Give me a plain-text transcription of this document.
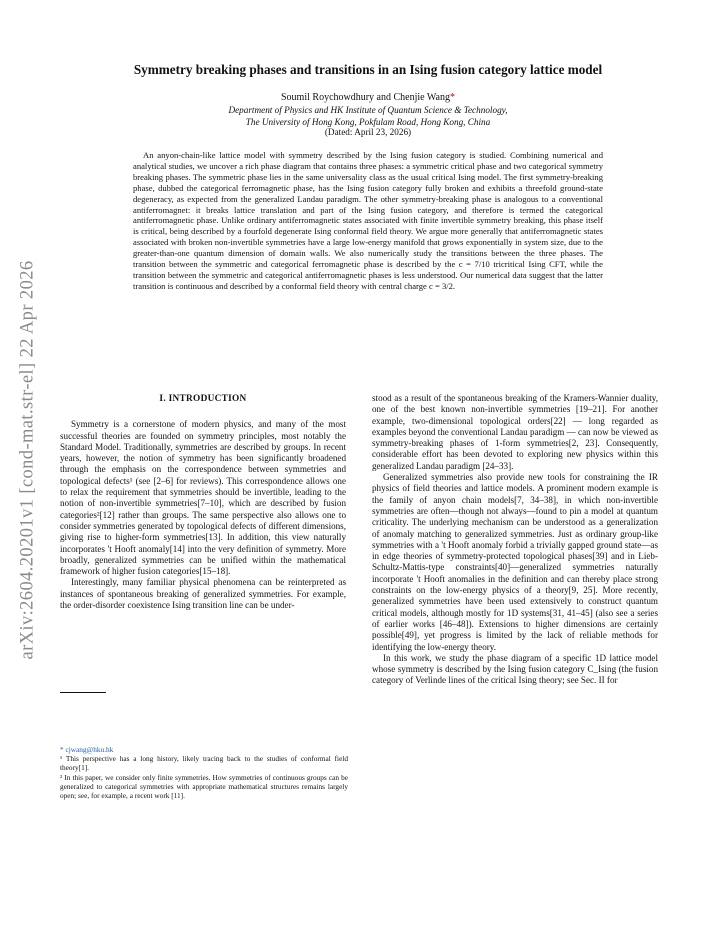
arXiv:2604.20201v1 [cond-mat.str-el] 22 Apr 2026
Symmetry breaking phases and transitions in an Ising fusion category lattice model
Soumil Roychowdhury and Chenjie Wang*
Department of Physics and HK Institute of Quantum Science & Technology,
The University of Hong Kong, Pokfulam Road, Hong Kong, China
(Dated: April 23, 2026)
An anyon-chain-like lattice model with symmetry described by the Ising fusion category is studied. Combining numerical and analytical studies, we uncover a rich phase diagram that contains three phases: a symmetric critical phase and two categorical symmetry breaking phases. The symmetric phase lies in the same universality class as the usual critical Ising model. The first symmetry-breaking phase, dubbed the categorical ferromagnetic phase, has the Ising fusion category fully broken and exhibits a threefold ground-state degeneracy, as expected from the generalized Landau paradigm. The other symmetry-breaking phase is analogous to a conventional antiferromagnet: it breaks lattice translation and part of the Ising fusion category, and therefore is termed the categorical antiferromagnetic phase. Unlike ordinary antiferromagnetic states associated with finite invertible symmetry breaking, this phase itself is critical, being described by a fourfold degenerate Ising conformal field theory. We argue more generally that antiferromagnetic states associated with broken non-invertible symmetries have a large low-energy manifold that grows exponentially in system size, due to the greater-than-one quantum dimension of domain walls. We also numerically study the transitions between the three phases. The transition between the symmetric and categorical ferromagnetic phase is described by the c = 7/10 tricritical Ising CFT, while the transition between the symmetric and categorical antiferromagnetic phases is less understood. Our numerical data suggest that the latter transition is continuous and described by a conformal field theory with central charge c = 3/2.
I. INTRODUCTION

Symmetry is a cornerstone of modern physics, and many of the most successful theories are founded on symmetry principles, most notably the Standard Model. Traditionally, symmetries are described by groups. In recent years, however, the notion of symmetry has been significantly broadened through the emphasis on the correspondence between symmetries and topological defects¹ (see [2–6] for reviews). This correspondence allows one to relax the requirement that symmetries should be invertible, leading to the notion of non-invertible symmetries[7–10], which are described by fusion categories²[12] rather than groups. The same perspective also allows one to consider symmetries generated by topological defects of different dimensions, giving rise to higher-form symmetries[13]. In addition, this view naturally incorporates 't Hooft anomaly[14] into the very definition of symmetry. More broadly, generalized symmetries can be unified within the mathematical framework of higher fusion categories[15–18].

Interestingly, many familiar physical phenomena can be reinterpreted as instances of spontaneous breaking of generalized symmetries. For example, the order-disorder coexistence Ising transition line can be under-

* cjwang@hku.hk
¹ This perspective has a long history, likely tracing back to the studies of conformal field theory[1].
² In this paper, we consider only finite symmetries. How symmetries of continuous groups can be generalized to categorical symmetries with appropriate mathematical structures remains largely open; see, for example, a recent work [11].

stood as a result of the spontaneous breaking of the Kramers-Wannier duality, one of the best known non-invertible symmetries [19–21]. For another example, two-dimensional topological orders[22] — long regarded as examples beyond the conventional Landau paradigm — can now be viewed as symmetry-breaking phases of 1-form symmetries[2, 23]. Consequently, considerable effort has been devoted to exploring new physics within this generalized Landau paradigm [24–33].

Generalized symmetries also provide new tools for constraining the IR physics of field theories and lattice models. A prominent modern example is the family of anyon chain models[7, 34–38], in which non-invertible symmetries are often—though not always—found to pin a model at quantum criticality. The underlying mechanism can be understood as a generalization of anomaly matching to generalized symmetries. Just as ordinary group-like symmetries with a 't Hooft anomaly forbid a trivially gapped ground state—as in edge theories of symmetry-protected topological phases[39] and in Lieb-Schultz-Mattis-type constraints[40]—generalized symmetries naturally incorporate 't Hooft anomalies in the definition and can thereby place strong constraints on the low-energy physics of a theory[9, 25]. More recently, generalized symmetries have been used extensively to construct quantum critical models, although mostly for 1D systems[31, 41–45] (also see a series of earlier works [46–48]). Extensions to higher dimensions are certainly possible[49], yet progress is limited by the lack of reliable methods for identifying the low-energy theory.

In this work, we study the phase diagram of a specific 1D lattice model whose symmetry is described by the Ising fusion category C_Ising (the fusion category of Verlinde lines of the critical Ising theory; see Sec. II for
